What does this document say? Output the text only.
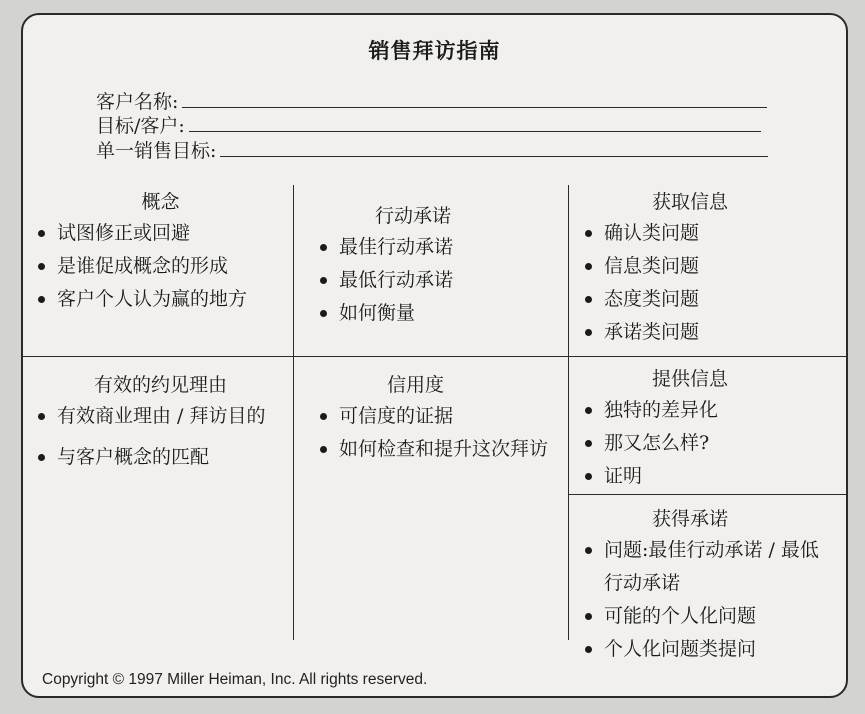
销售拜访指南
客户名称:
目标/客户:
单一销售目标:
概念
试图修正或回避
是谁促成概念的形成
客户个人认为赢的地方
行动承诺
最佳行动承诺
最低行动承诺
如何衡量
获取信息
确认类问题
信息类问题
态度类问题
承诺类问题
有效的约见理由
有效商业理由 / 拜访目的
与客户概念的匹配
信用度
可信度的证据
如何检查和提升这次拜访
提供信息
独特的差异化
那又怎么样?
证明
获得承诺
问题:最佳行动承诺 / 最低行动承诺
可能的个人化问题
个人化问题类提问
Copyright © 1997 Miller Heiman, Inc. All rights reserved.
